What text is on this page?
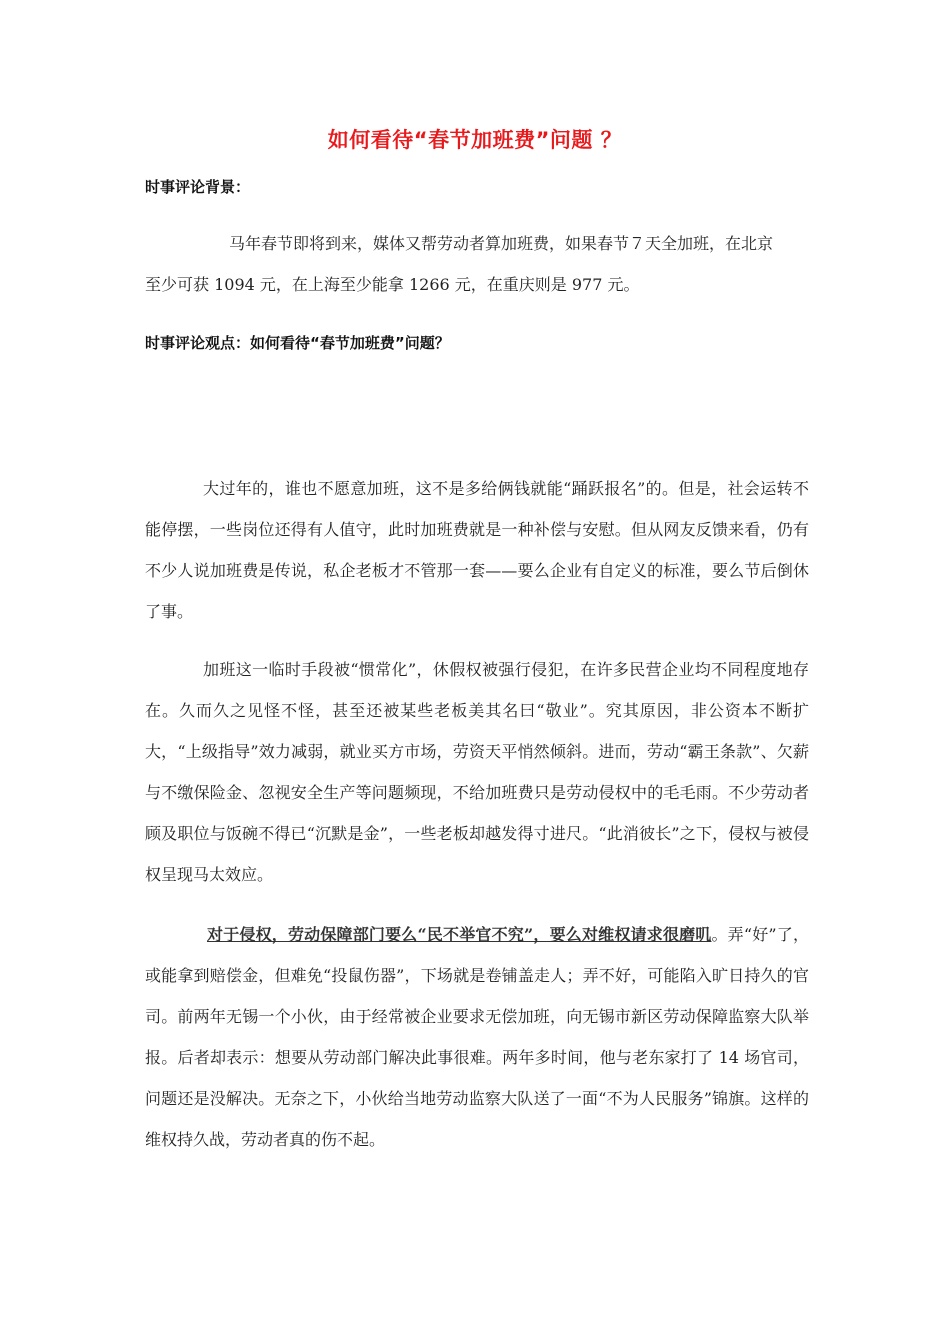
如何看待“春节加班费”问题 ？
时事评论背景：
马年春节即将到来，媒体又帮劳动者算加班费，如果春节７天全加班，在北京
至少可获 1094 元，在上海至少能拿 1266 元，在重庆则是 977 元。
时事评论观点：如何看待“春节加班费”问题？

大过年的，谁也不愿意加班，这不是多给俩钱就能“踊跃报名”的。但是，社会运转不能停摆，一些岗位还得有人值守，此时加班费就是一种补偿与安慰。但从网友反馈来看，仍有不少人说加班费是传说，私企老板才不管那一套——要么企业有自定义的标准，要么节后倒休了事。

加班这一临时手段被“惯常化”，休假权被强行侵犯，在许多民营企业均不同程度地存在。久而久之见怪不怪，甚至还被某些老板美其名曰“敬业”。究其原因，非公资本不断扩大，“上级指导”效力减弱，就业买方市场，劳资天平悄然倾斜。进而，劳动“霸王条款”、欠薪与不缴保险金、忽视安全生产等问题频现，不给加班费只是劳动侵权中的毛毛雨。不少劳动者顾及职位与饭碗不得已“沉默是金”，一些老板却越发得寸进尺。“此消彼长”之下，侵权与被侵权呈现马太效应。

对于侵权，劳动保障部门要么“民不举官不究”，要么对维权请求很磨叽。弄“好”了，或能拿到赔偿金，但难免“投鼠伤器”，下场就是卷铺盖走人；弄不好，可能陷入旷日持久的官司。前两年无锡一个小伙，由于经常被企业要求无偿加班，向无锡市新区劳动保障监察大队举报。后者却表示：想要从劳动部门解决此事很难。两年多时间，他与老东家打了 14 场官司，问题还是没解决。无奈之下，小伙给当地劳动监察大队送了一面“不为人民服务”锦旗。这样的维权持久战，劳动者真的伤不起。
